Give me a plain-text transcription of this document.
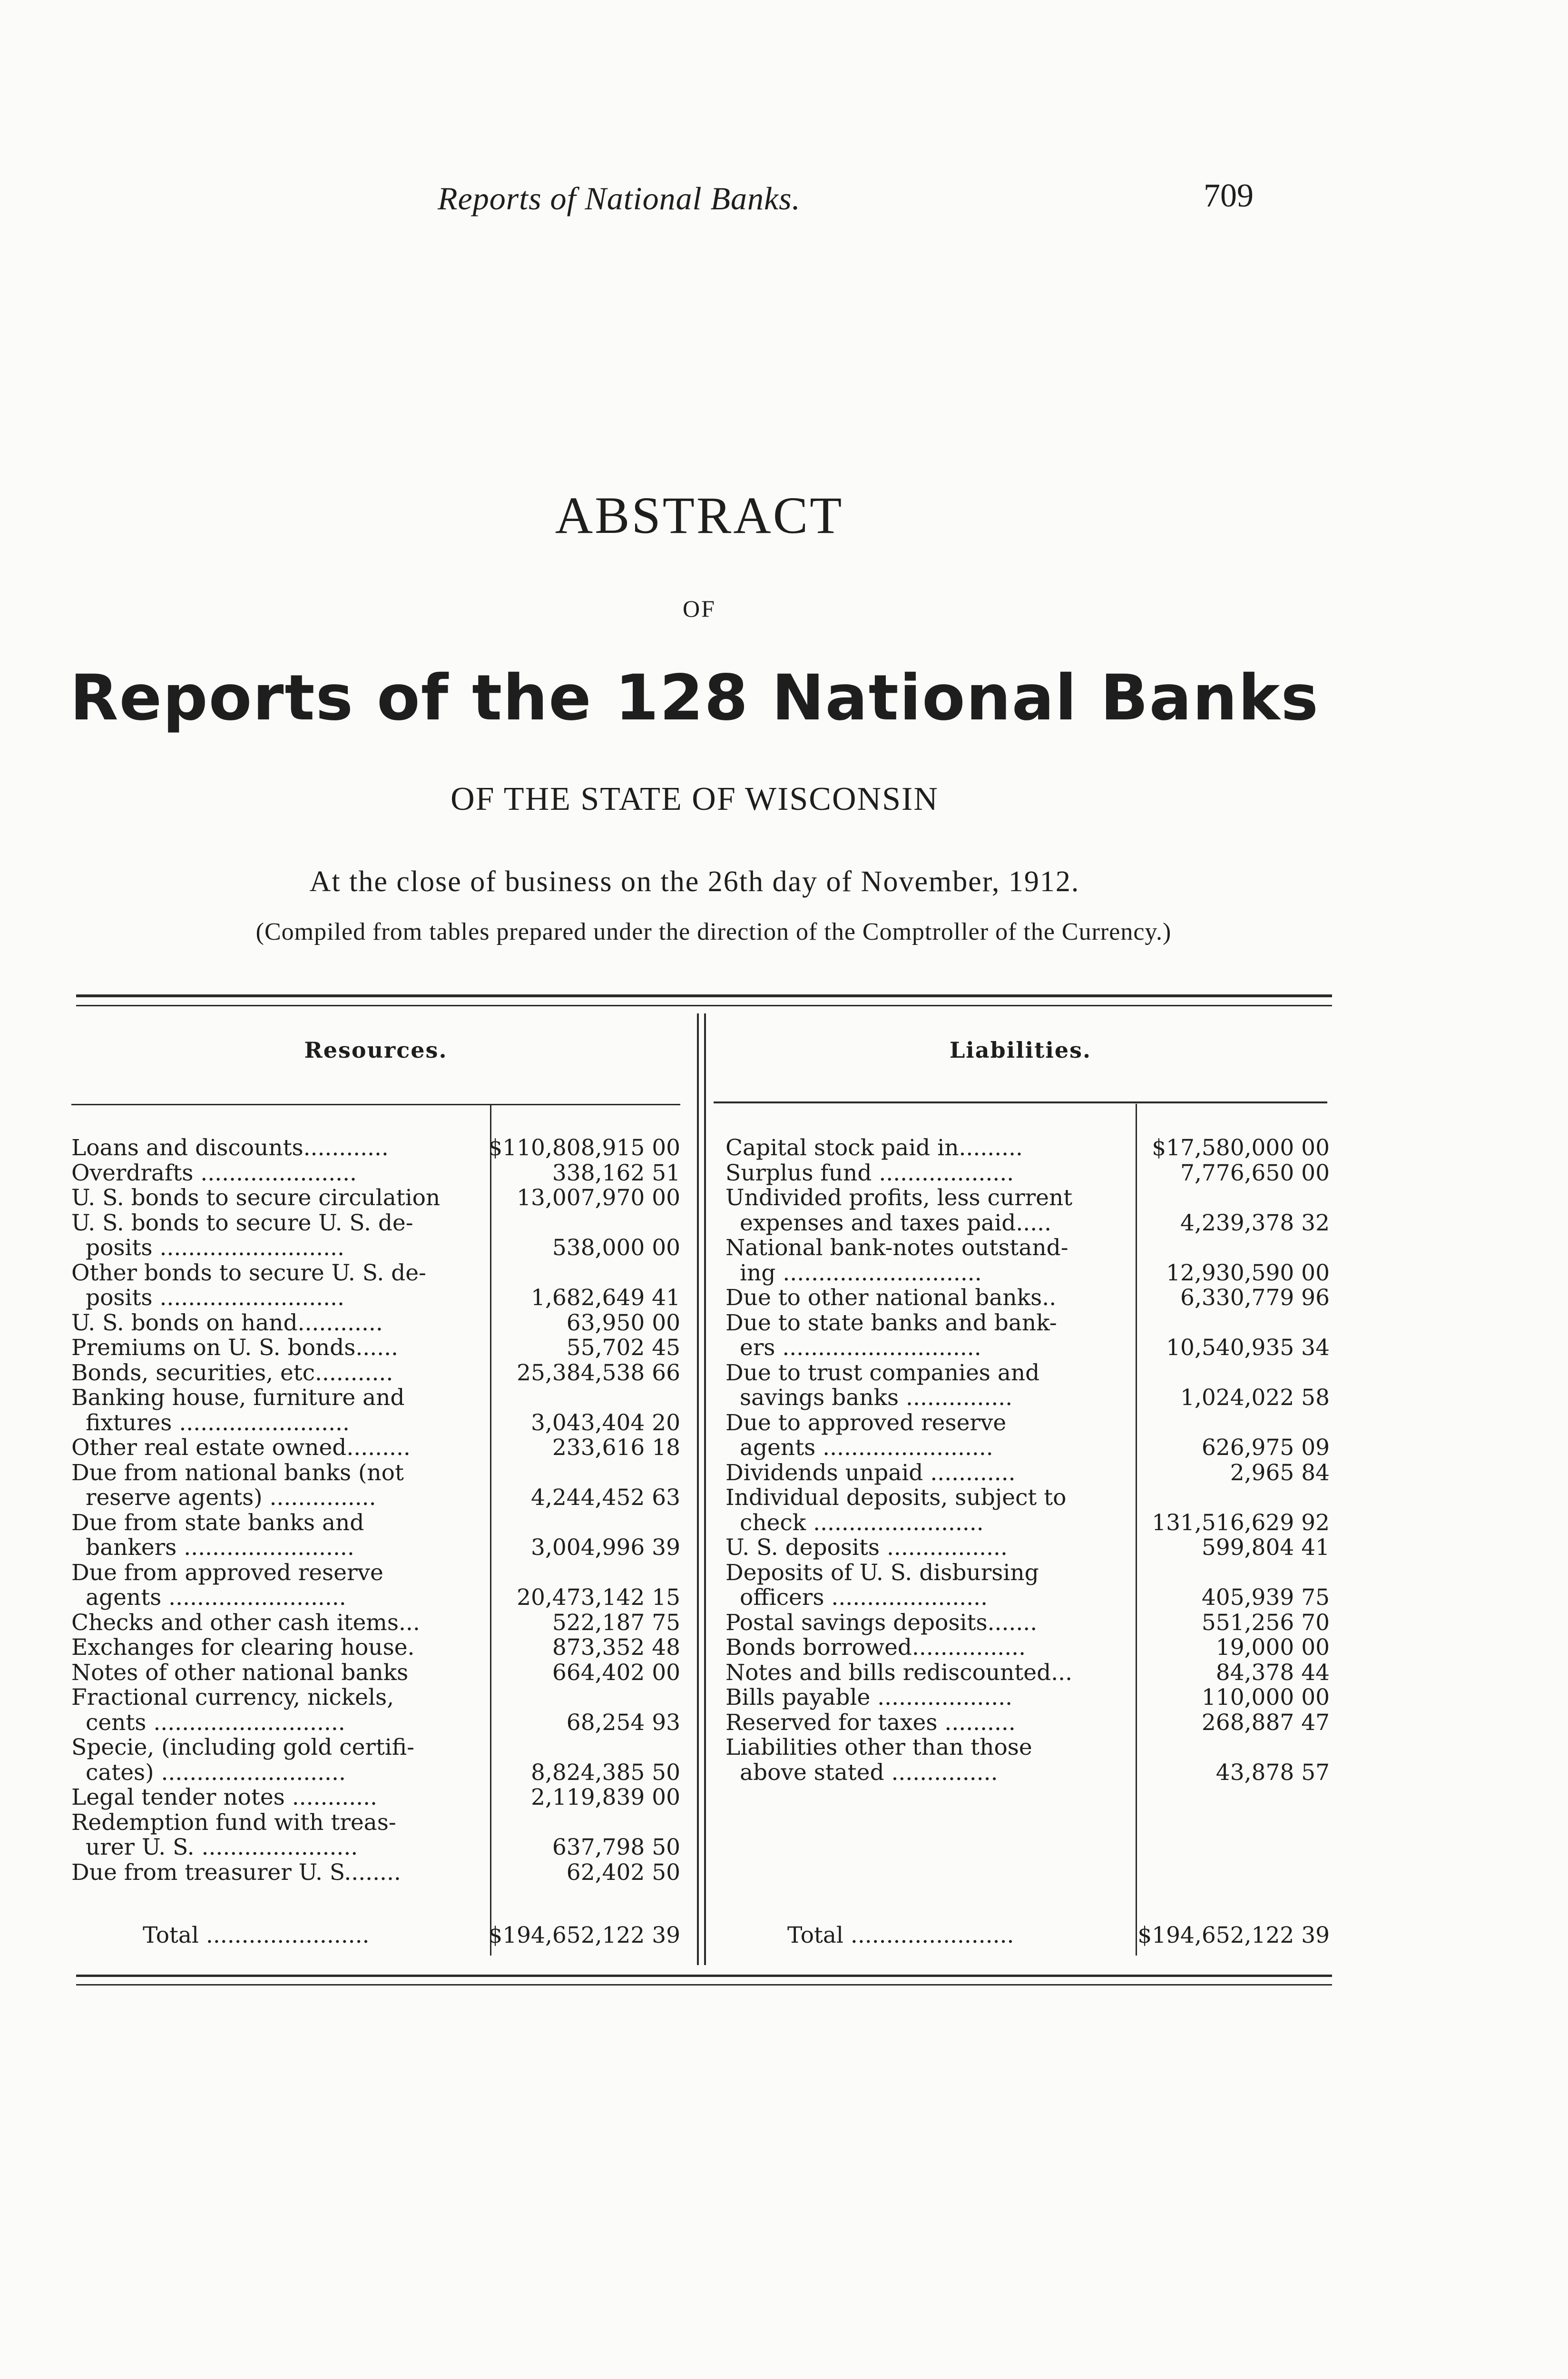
Reports of National Banks.	709
ABSTRACT
OF
Reports of the 128 National Banks
OF THE STATE OF WISCONSIN
At the close of business on the 26th day of November, 1912.
(Compiled from tables prepared under the direction of the Comptroller of the Currency.)
Resources.	Liabilities.
Loans and discounts............	$110,808,915 00
Overdrafts ......................	338,162 51
U. S. bonds to secure circulation	13,007,970 00
U. S. bonds to secure U. S. de-
posits ..........................	538,000 00
Other bonds to secure U. S. de-
posits ..........................	1,682,649 41
U. S. bonds on hand............	63,950 00
Premiums on U. S. bonds......	55,702 45
Bonds, securities, etc...........	25,384,538 66
Banking house, furniture and
fixtures ........................	3,043,404 20
Other real estate owned.........	233,616 18
Due from national banks (not
reserve agents) ...............	4,244,452 63
Due from state banks and
bankers ........................	3,004,996 39
Due from approved reserve
agents .........................	20,473,142 15
Checks and other cash items...	522,187 75
Exchanges for clearing house.	873,352 48
Notes of other national banks	664,402 00
Fractional currency, nickels,
cents ...........................	68,254 93
Specie, (including gold certifi-
cates) ..........................	8,824,385 50
Legal tender notes ............	2,119,839 00
Redemption fund with treas-
urer U. S. ......................	637,798 50
Due from treasurer U. S........	62,402 50
Capital stock paid in.........	$17,580,000 00
Surplus fund ...................	7,776,650 00
Undivided profits, less current
expenses and taxes paid.....	4,239,378 32
National bank-notes outstand-
ing ............................	12,930,590 00
Due to other national banks..	6,330,779 96
Due to state banks and bank-
ers ............................	10,540,935 34
Due to trust companies and
savings banks ...............	1,024,022 58
Due to approved reserve
agents ........................	626,975 09
Dividends unpaid ............	2,965 84
Individual deposits, subject to
check ........................	131,516,629 92
U. S. deposits .................	599,804 41
Deposits of U. S. disbursing
officers ......................	405,939 75
Postal savings deposits.......	551,256 70
Bonds borrowed................	19,000 00
Notes and bills rediscounted...	84,378 44
Bills payable ...................	110,000 00
Reserved for taxes ..........	268,887 47
Liabilities other than those
above stated ...............	43,878 57
Total .......................	$194,652,122 39	Total .......................	$194,652,122 39
